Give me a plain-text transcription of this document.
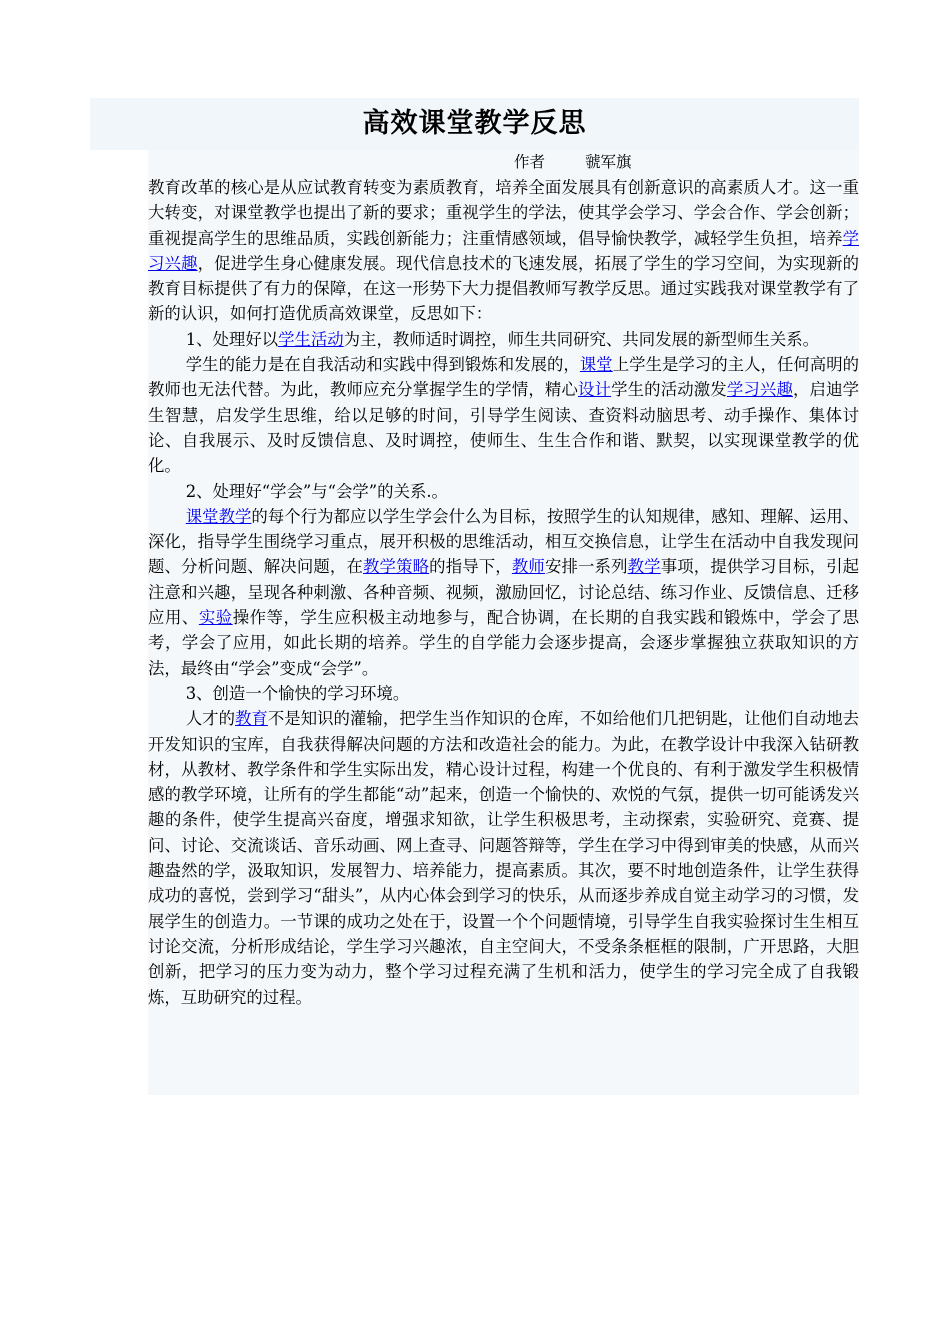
高效课堂教学反思
作者	虢军旗

教育改革的核心是从应试教育转变为素质教育，培养全面发展具有创新意识的高素质人才。这一重大转变，对课堂教学也提出了新的要求；重视学生的学法，使其学会学习、学会合作、学会创新；重视提高学生的思维品质，实践创新能力；注重情感领域，倡导愉快教学，减轻学生负担，培养学习兴趣，促进学生身心健康发展。现代信息技术的飞速发展，拓展了学生的学习空间，为实现新的教育目标提供了有力的保障，在这一形势下大力提倡教师写教学反思。通过实践我对课堂教学有了新的认识，如何打造优质高效课堂，反思如下：

1、处理好以学生活动为主，教师适时调控，师生共同研究、共同发展的新型师生关系。

学生的能力是在自我活动和实践中得到锻炼和发展的，课堂上学生是学习的主人，任何高明的教师也无法代替。为此，教师应充分掌握学生的学情，精心设计学生的活动激发学习兴趣，启迪学生智慧，启发学生思维，给以足够的时间，引导学生阅读、查资料动脑思考、动手操作、集体讨论、自我展示、及时反馈信息、及时调控，使师生、生生合作和谐、默契，以实现课堂教学的优化。

2、处理好“学会”与“会学”的关系.。

课堂教学的每个行为都应以学生学会什么为目标，按照学生的认知规律，感知、理解、运用、深化，指导学生围绕学习重点，展开积极的思维活动，相互交换信息，让学生在活动中自我发现问题、分析问题、解决问题，在教学策略的指导下，教师安排一系列教学事项，提供学习目标，引起注意和兴趣，呈现各种刺激、各种音频、视频，激励回忆，讨论总结、练习作业、反馈信息、迁移应用、实验操作等，学生应积极主动地参与，配合协调，在长期的自我实践和锻炼中，学会了思考，学会了应用，如此长期的培养。学生的自学能力会逐步提高，会逐步掌握独立获取知识的方法，最终由“学会”变成“会学”。

3、创造一个愉快的学习环境。

人才的教育不是知识的灌输，把学生当作知识的仓库，不如给他们几把钥匙，让他们自动地去开发知识的宝库，自我获得解决问题的方法和改造社会的能力。为此，在教学设计中我深入钻研教材，从教材、教学条件和学生实际出发，精心设计过程，构建一个优良的、有利于激发学生积极情感的教学环境，让所有的学生都能“动”起来，创造一个愉快的、欢悦的气氛，提供一切可能诱发兴趣的条件，使学生提高兴奋度，增强求知欲，让学生积极思考，主动探索，实验研究、竞赛、提问、讨论、交流谈话、音乐动画、网上查寻、问题答辩等，学生在学习中得到审美的快感，从而兴趣盎然的学，汲取知识，发展智力、培养能力，提高素质。其次，要不时地创造条件，让学生获得成功的喜悦，尝到学习“甜头”，从内心体会到学习的快乐，从而逐步养成自觉主动学习的习惯，发展学生的创造力。一节课的成功之处在于，设置一个个问题情境，引导学生自我实验探讨生生相互讨论交流，分析形成结论，学生学习兴趣浓，自主空间大，不受条条框框的限制，广开思路，大胆创新，把学习的压力变为动力，整个学习过程充满了生机和活力，使学生的学习完全成了自我锻炼，互助研究的过程。
